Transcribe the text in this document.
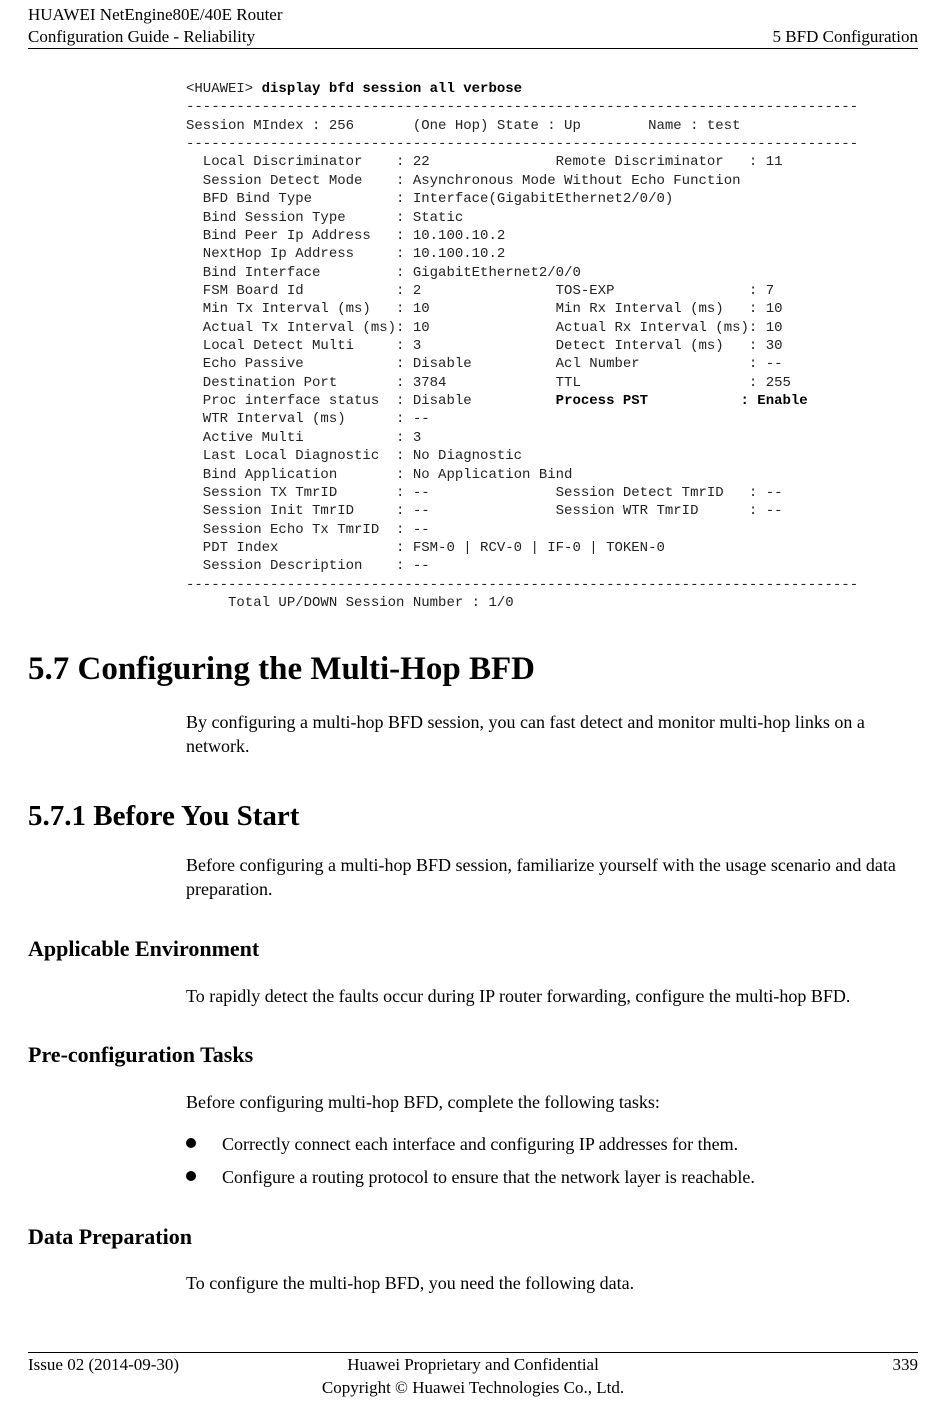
HUAWEI NetEngine80E/40E Router
Configuration Guide - Reliability	5 BFD Configuration
<HUAWEI> display bfd session all verbose
--------------------------------------------------------------------------------
Session MIndex : 256       (One Hop) State : Up        Name : test
--------------------------------------------------------------------------------
Local Discriminator    : 22               Remote Discriminator   : 11
Session Detect Mode    : Asynchronous Mode Without Echo Function
BFD Bind Type          : Interface(GigabitEthernet2/0/0)
Bind Session Type      : Static
Bind Peer Ip Address   : 10.100.10.2
NextHop Ip Address     : 10.100.10.2
Bind Interface         : GigabitEthernet2/0/0
FSM Board Id           : 2                TOS-EXP                : 7
Min Tx Interval (ms)   : 10               Min Rx Interval (ms)   : 10
Actual Tx Interval (ms): 10               Actual Rx Interval (ms): 10
Local Detect Multi     : 3                Detect Interval (ms)   : 30
Echo Passive           : Disable          Acl Number             : --
Destination Port       : 3784             TTL                    : 255
Proc interface status  : Disable          Process PST           : Enable
WTR Interval (ms)      : --
Active Multi           : 3
Last Local Diagnostic  : No Diagnostic
Bind Application       : No Application Bind
Session TX TmrID       : --               Session Detect TmrID   : --
Session Init TmrID     : --               Session WTR TmrID      : --
Session Echo Tx TmrID  : --
PDT Index              : FSM-0 | RCV-0 | IF-0 | TOKEN-0
Session Description    : --
--------------------------------------------------------------------------------
Total UP/DOWN Session Number : 1/0
5.7 Configuring the Multi-Hop BFD
By configuring a multi-hop BFD session, you can fast detect and monitor multi-hop links on a network.
5.7.1 Before You Start
Before configuring a multi-hop BFD session, familiarize yourself with the usage scenario and data preparation.
Applicable Environment
To rapidly detect the faults occur during IP router forwarding, configure the multi-hop BFD.
Pre-configuration Tasks
Before configuring multi-hop BFD, complete the following tasks:
Correctly connect each interface and configuring IP addresses for them.
Configure a routing protocol to ensure that the network layer is reachable.
Data Preparation
To configure the multi-hop BFD, you need the following data.
Issue 02 (2014-09-30)	Huawei Proprietary and Confidential
Copyright © Huawei Technologies Co., Ltd.
339
